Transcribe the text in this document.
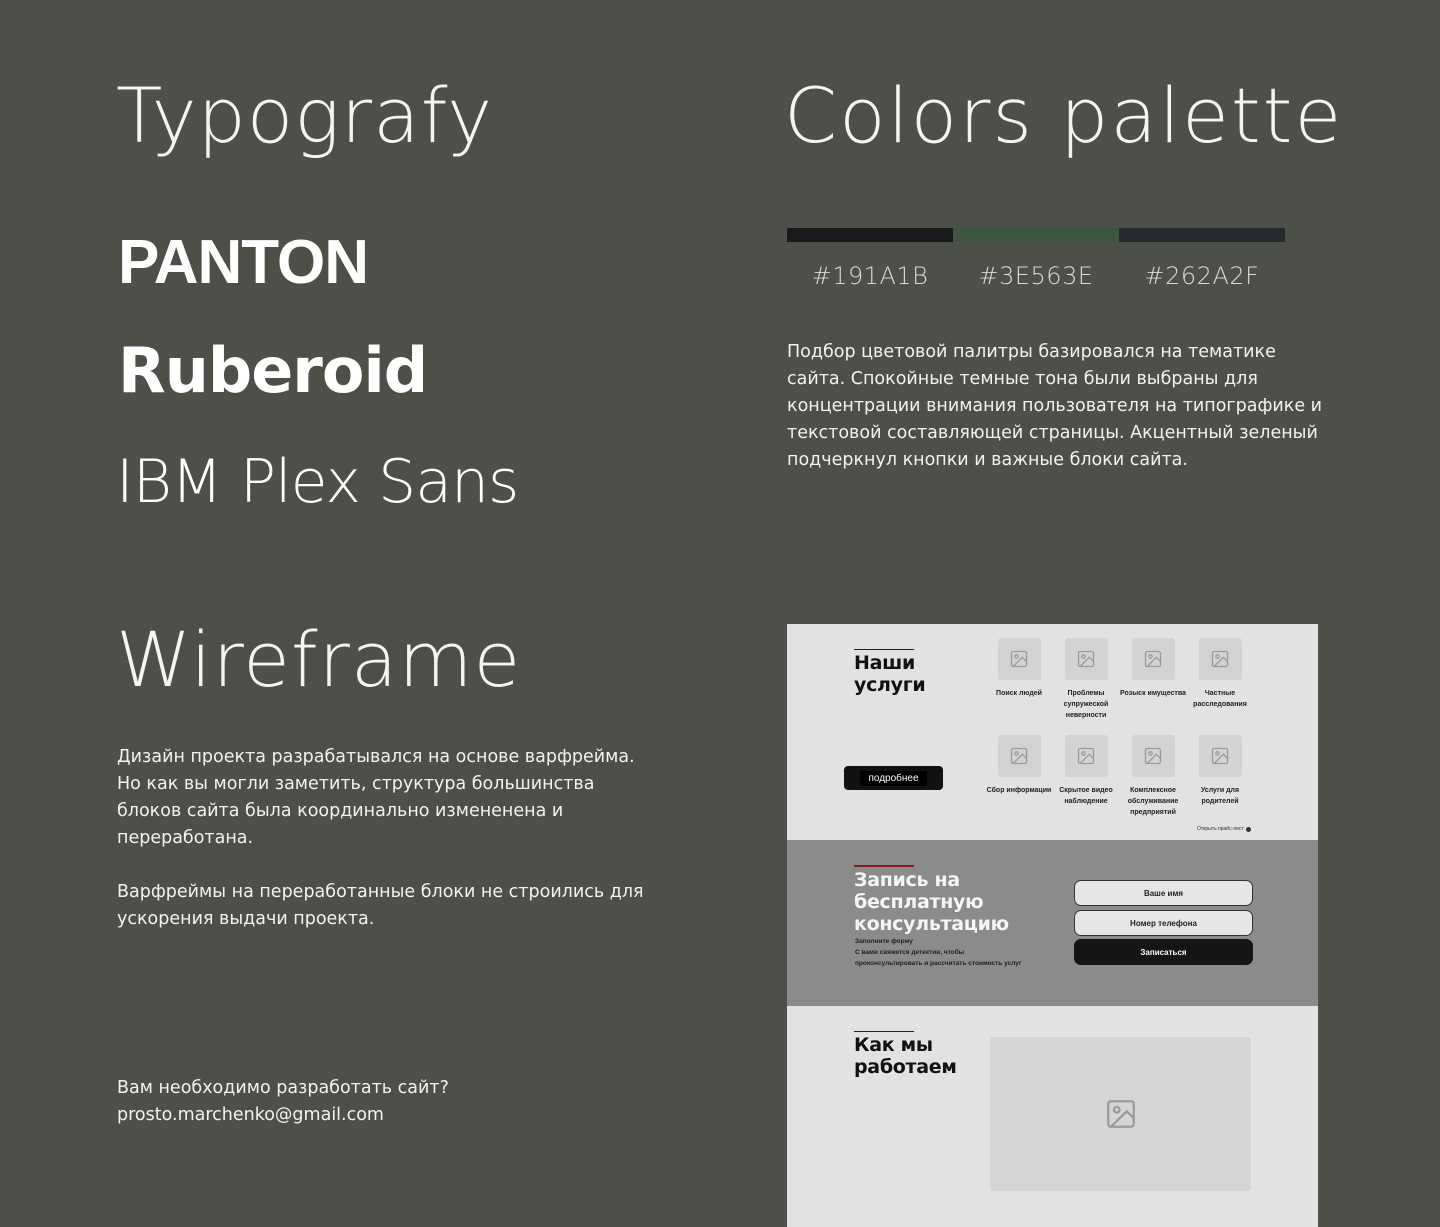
Typografy
PANTON
Ruberoid
IBM Plex Sans
Colors palette
#191A1B	#3E563E	#262A2F
Подбор цветовой палитры базировался на тематике сайта. Спокойные темные тона были выбраны для концентрации внимания пользователя на типографике и текстовой составляющей страницы. Акцентный зеленый подчеркнул кнопки и важные блоки сайта.
Wireframe
Дизайн проекта разрабатывался на основе варфрейма. Но как вы могли заметить, структура большинства блоков сайта была координально измененена и переработана.
Варфреймы на переработанные блоки не строились для ускорения выдачи проекта.
Вам необходимо разработать сайт?
prosto.marchenko@gmail.com
Наши
услуги
подробнее
Поиск людей	Проблемы супружеской неверности
Розыск имущества	Частные расследования
Сбор информации	Скрытое видео наблюдение
Комплексное обслуживание предприятий
Услуги для родителей
Открыть прайс-лист
Запись на
бесплатную
консультацию
Заполните форму
С вами свяжется детектив, чтобы
проконсультировать и рассчитать стоимость услуг
Ваше имя
Номер телефона
Записаться
Как мы
работаем
